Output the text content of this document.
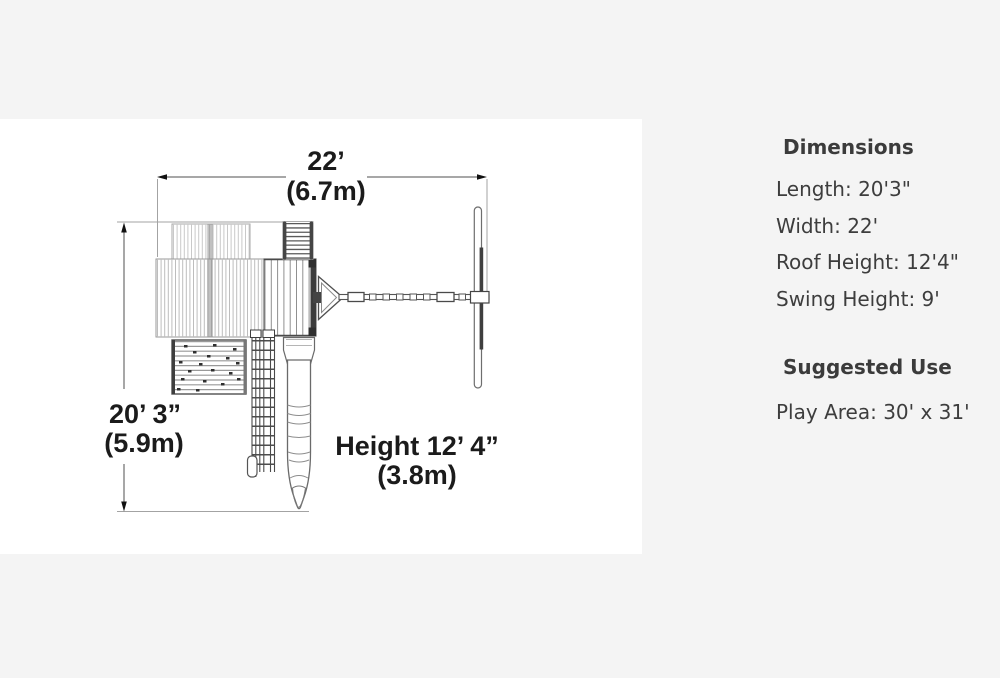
22’
(6.7m)
20’ 3”
(5.9m)	Height 12’ 4”
(3.8m)
Dimensions
Length: 20'3"
Width: 22'
Roof Height: 12'4"
Swing Height: 9'
Suggested Use
Play Area: 30' x 31'
